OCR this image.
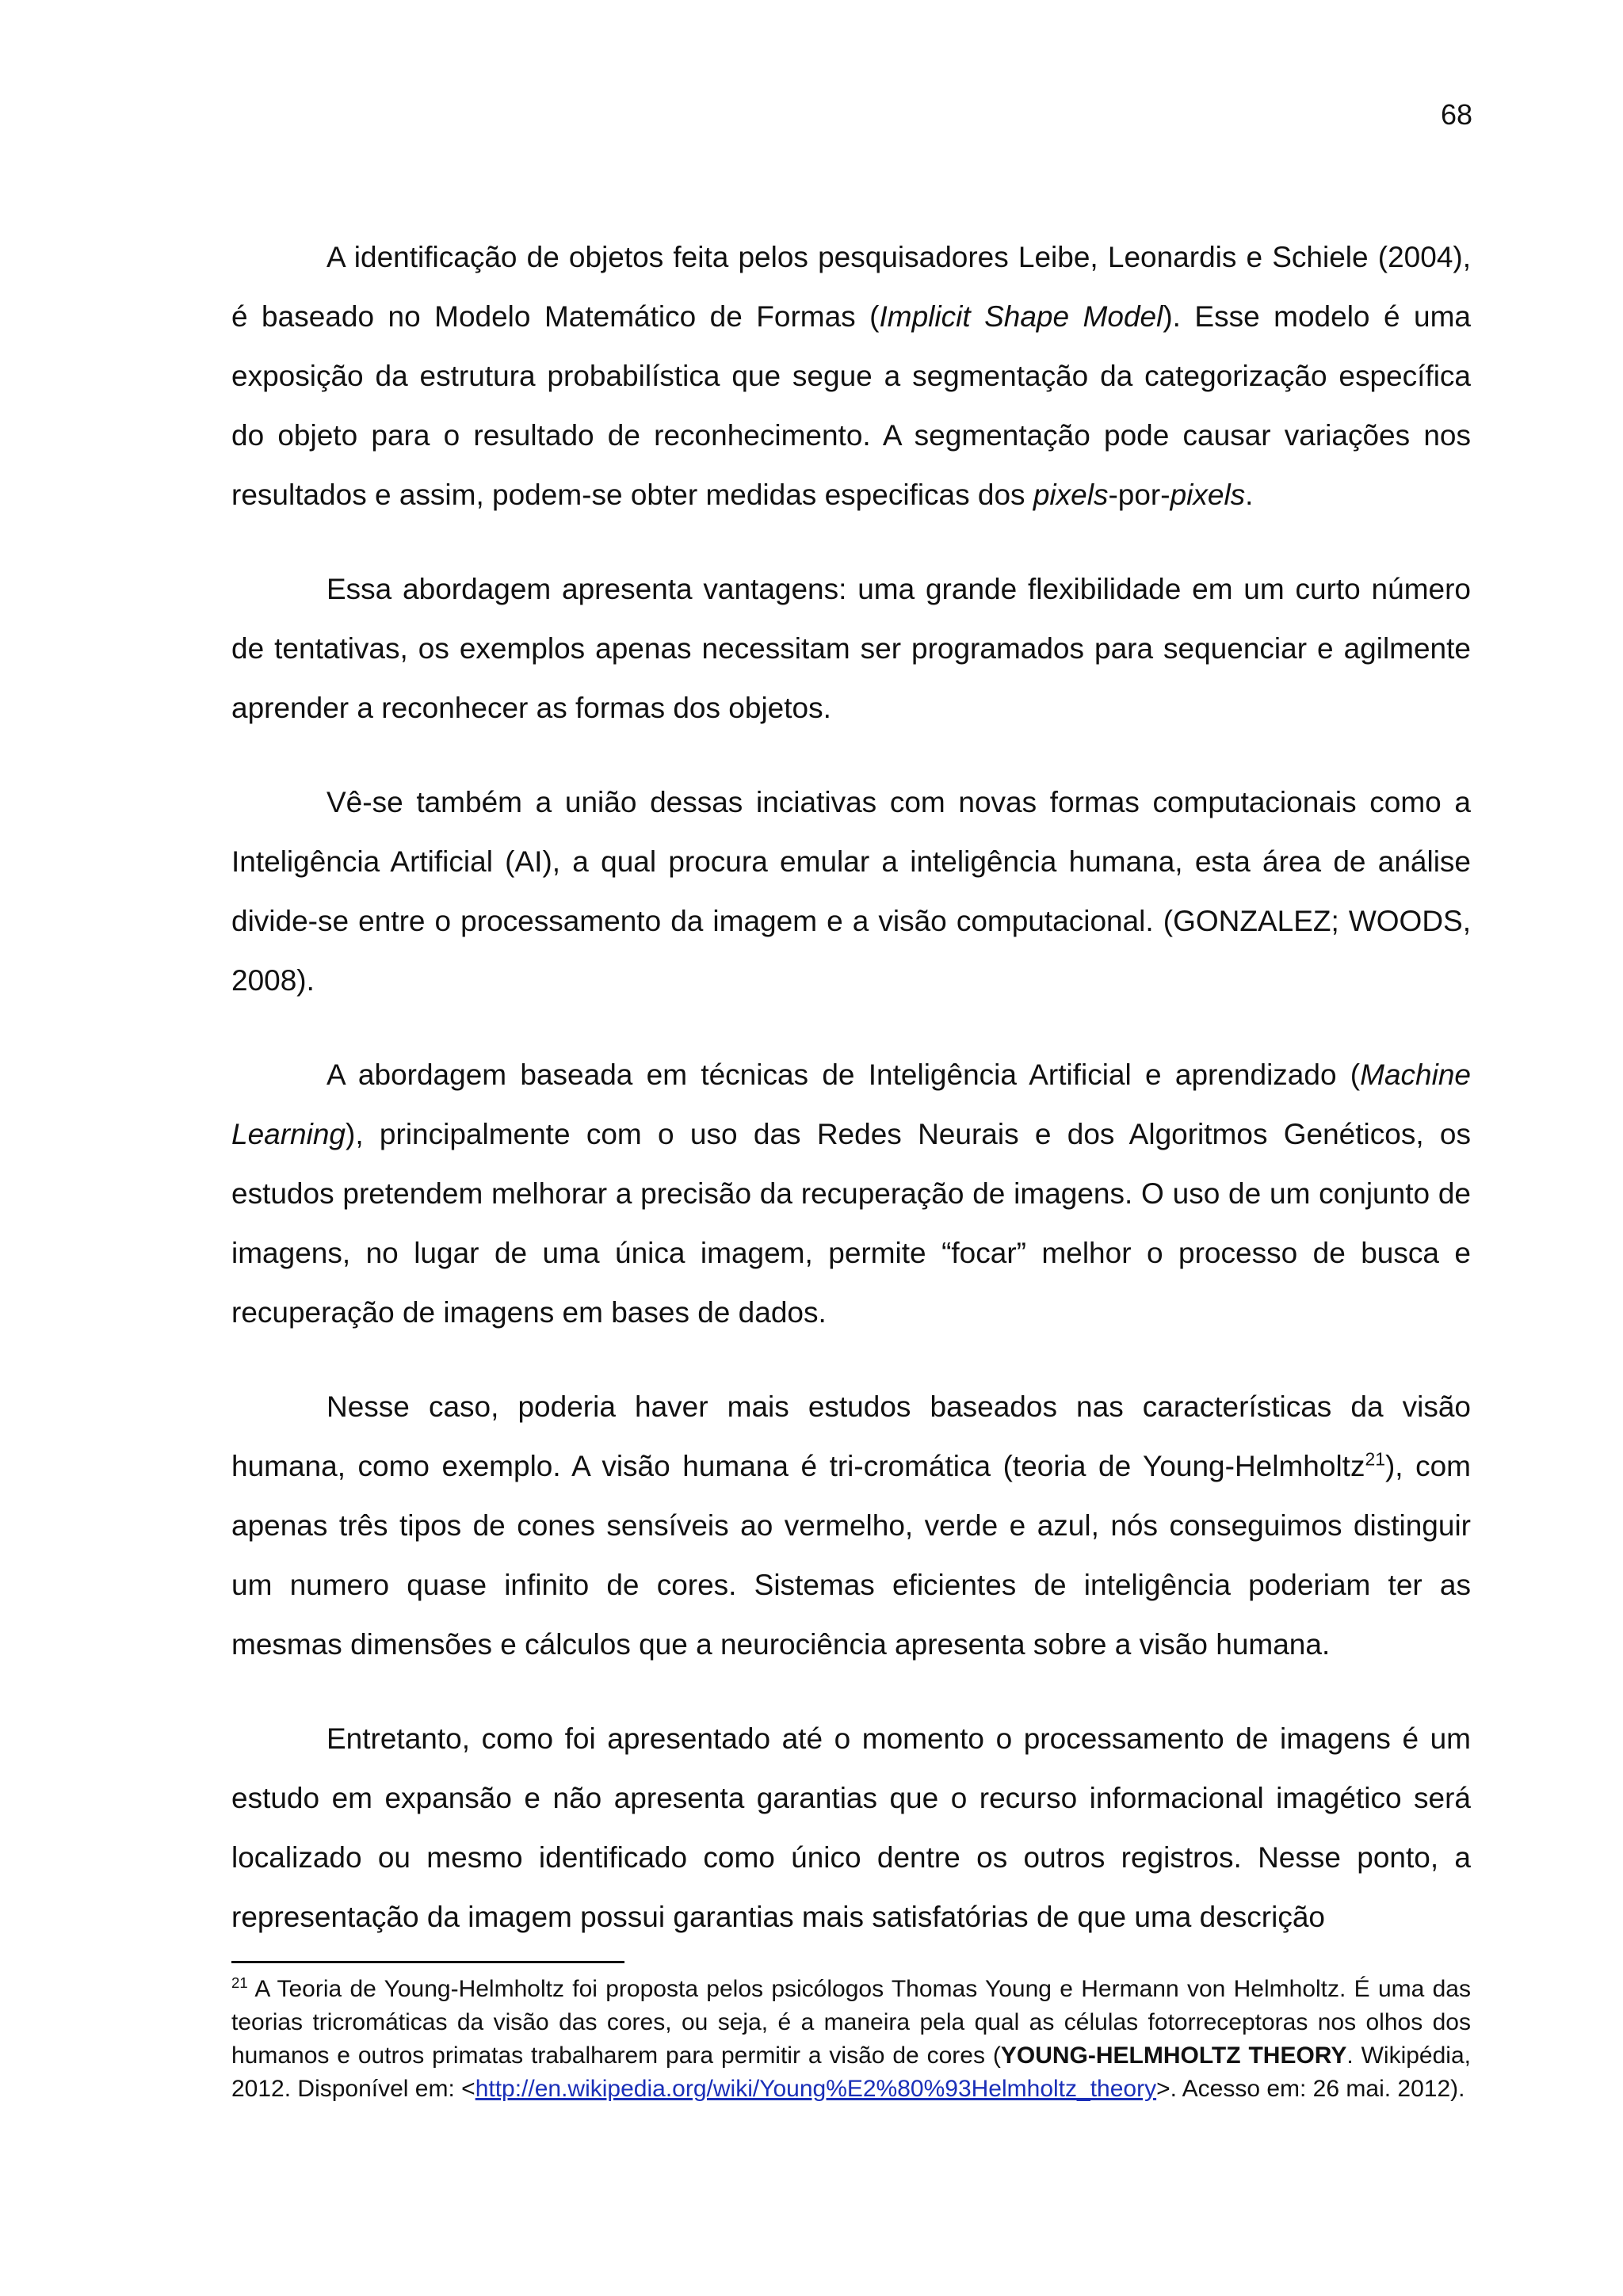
68

A identificação de objetos feita pelos pesquisadores Leibe, Leonardis e Schiele (2004), é baseado no Modelo Matemático de Formas (Implicit Shape Model). Esse modelo é uma exposição da estrutura probabilística que segue a segmentação da categorização específica do objeto para o resultado de reconhecimento. A segmentação pode causar variações nos resultados e assim, podem-se obter medidas especificas dos pixels-por-pixels.

Essa abordagem apresenta vantagens: uma grande flexibilidade em um curto número de tentativas, os exemplos apenas necessitam ser programados para sequenciar e agilmente aprender a reconhecer as formas dos objetos.

Vê-se também a união dessas inciativas com novas formas computacionais como a Inteligência Artificial (AI), a qual procura emular a inteligência humana, esta área de análise divide-se entre o processamento da imagem e a visão computacional. (GONZALEZ; WOODS, 2008).

A abordagem baseada em técnicas de Inteligência Artificial e aprendizado (Machine Learning), principalmente com o uso das Redes Neurais e dos Algoritmos Genéticos, os estudos pretendem melhorar a precisão da recuperação de imagens. O uso de um conjunto de imagens, no lugar de uma única imagem, permite “focar” melhor o processo de busca e recuperação de imagens em bases de dados.

Nesse caso, poderia haver mais estudos baseados nas características da visão humana, como exemplo. A visão humana é tri-cromática (teoria de Young-Helmholtz$^{21}$), com apenas três tipos de cones sensíveis ao vermelho, verde e azul, nós conseguimos distinguir um numero quase infinito de cores. Sistemas eficientes de inteligência poderiam ter as mesmas dimensões e cálculos que a neurociência apresenta sobre a visão humana.

Entretanto, como foi apresentado até o momento o processamento de imagens é um estudo em expansão e não apresenta garantias que o recurso informacional imagético será localizado ou mesmo identificado como único dentre os outros registros. Nesse ponto, a representação da imagem possui garantias mais satisfatórias de que uma descrição

$^{21}$ A Teoria de Young-Helmholtz foi proposta pelos psicólogos Thomas Young e Hermann von Helmholtz. É uma das teorias tricromáticas da visão das cores, ou seja, é a maneira pela qual as células fotorreceptoras nos olhos dos humanos e outros primatas trabalharem para permitir a visão de cores (YOUNG-HELMHOLTZ THEORY. Wikipédia, 2012. Disponível em: <http://en.wikipedia.org/wiki/Young%E2%80%93Helmholtz_theory>. Acesso em: 26 mai. 2012).
